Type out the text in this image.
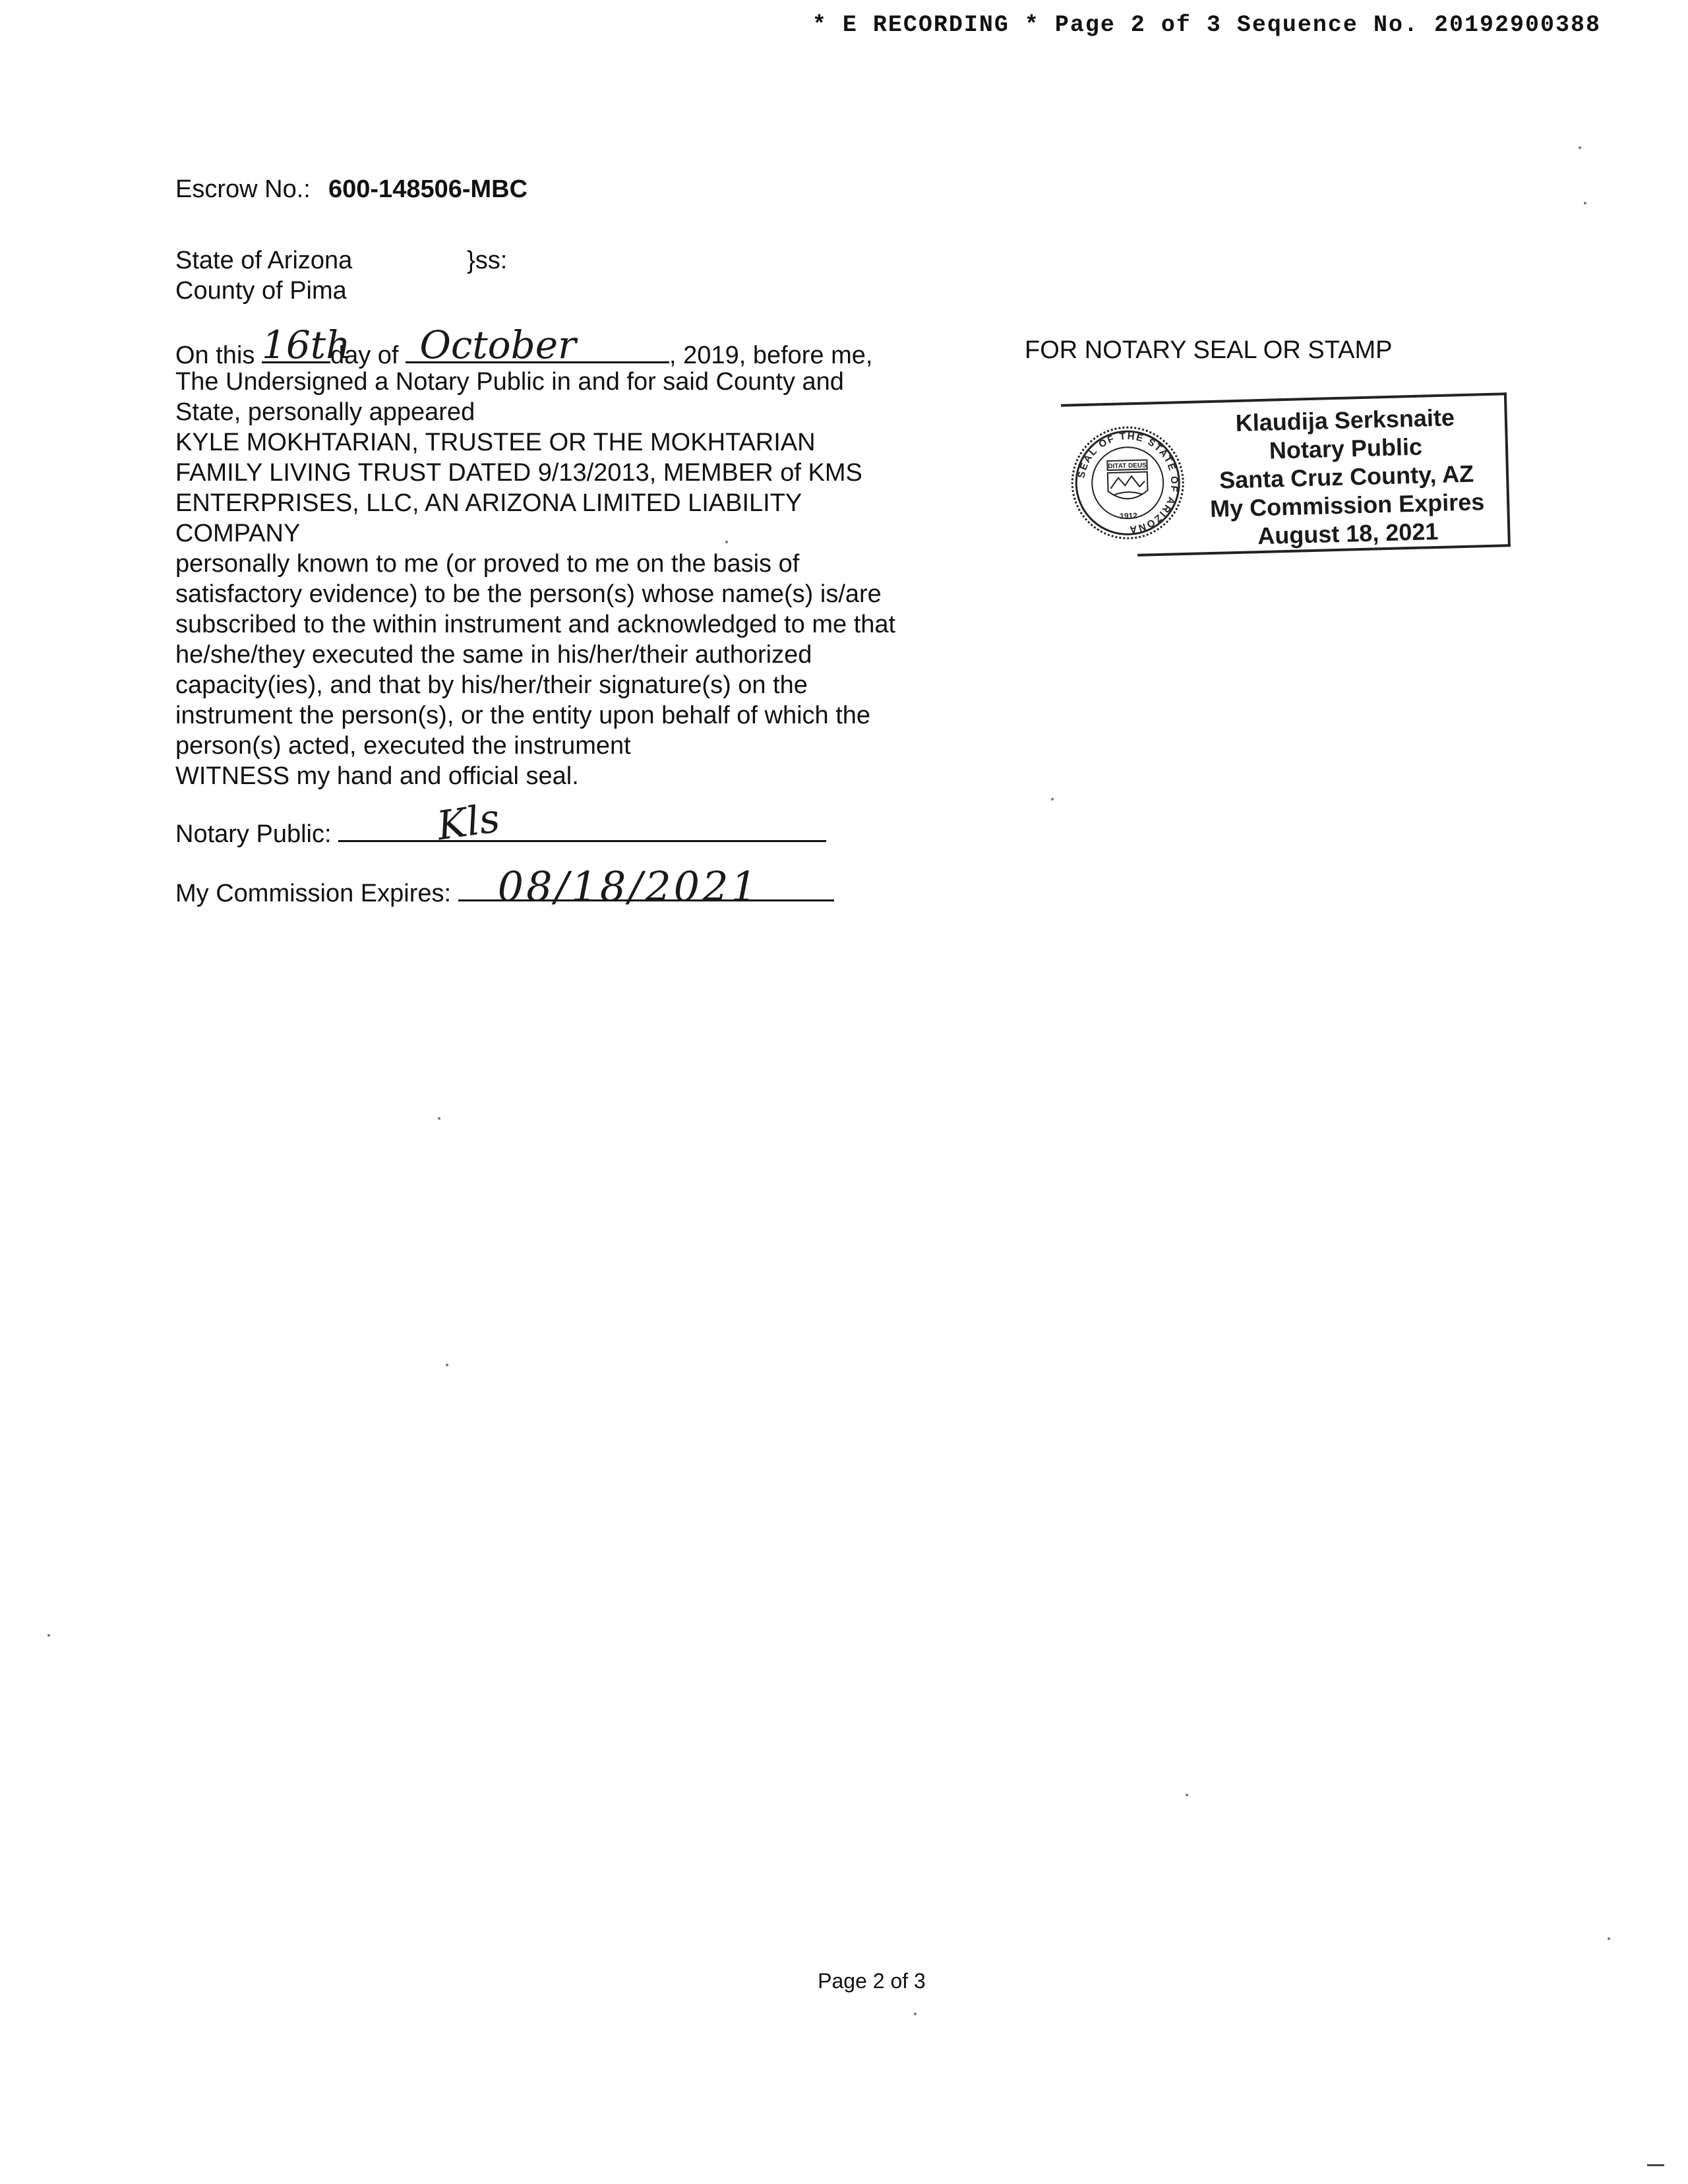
* E RECORDING * Page 2 of 3 Sequence No. 20192900388
Escrow No.: 600-148506-MBC
State of Arizona	}ss:
County of Pima
On this 16th
day of October	, 2019, before me,
The Undersigned a Notary Public in and for said County and
State, personally appeared
KYLE MOKHTARIAN, TRUSTEE OR THE MOKHTARIAN
FAMILY LIVING TRUST DATED 9/13/2013, MEMBER of KMS
ENTERPRISES, LLC, AN ARIZONA LIMITED LIABILITY
COMPANY
personally known to me (or proved to me on the basis of
satisfactory evidence) to be the person(s) whose name(s) is/are
subscribed to the within instrument and acknowledged to me that
he/she/they executed the same in his/her/their authorized
capacity(ies), and that by his/her/their signature(s) on the
instrument the person(s), or the entity upon behalf of which the
person(s) acted, executed the instrument
WITNESS my hand and official seal.
Notary Public:	Kls
My Commission Expires: 08/18/2021
FOR NOTARY SEAL OR STAMP
SEAL OF THE STATE OF ARIZONA
DITAT DEUS
1912
Klaudija Serksnaite
Notary Public
Santa Cruz County, AZ
My Commission Expires
August 18, 2021
Page 2 of 3
